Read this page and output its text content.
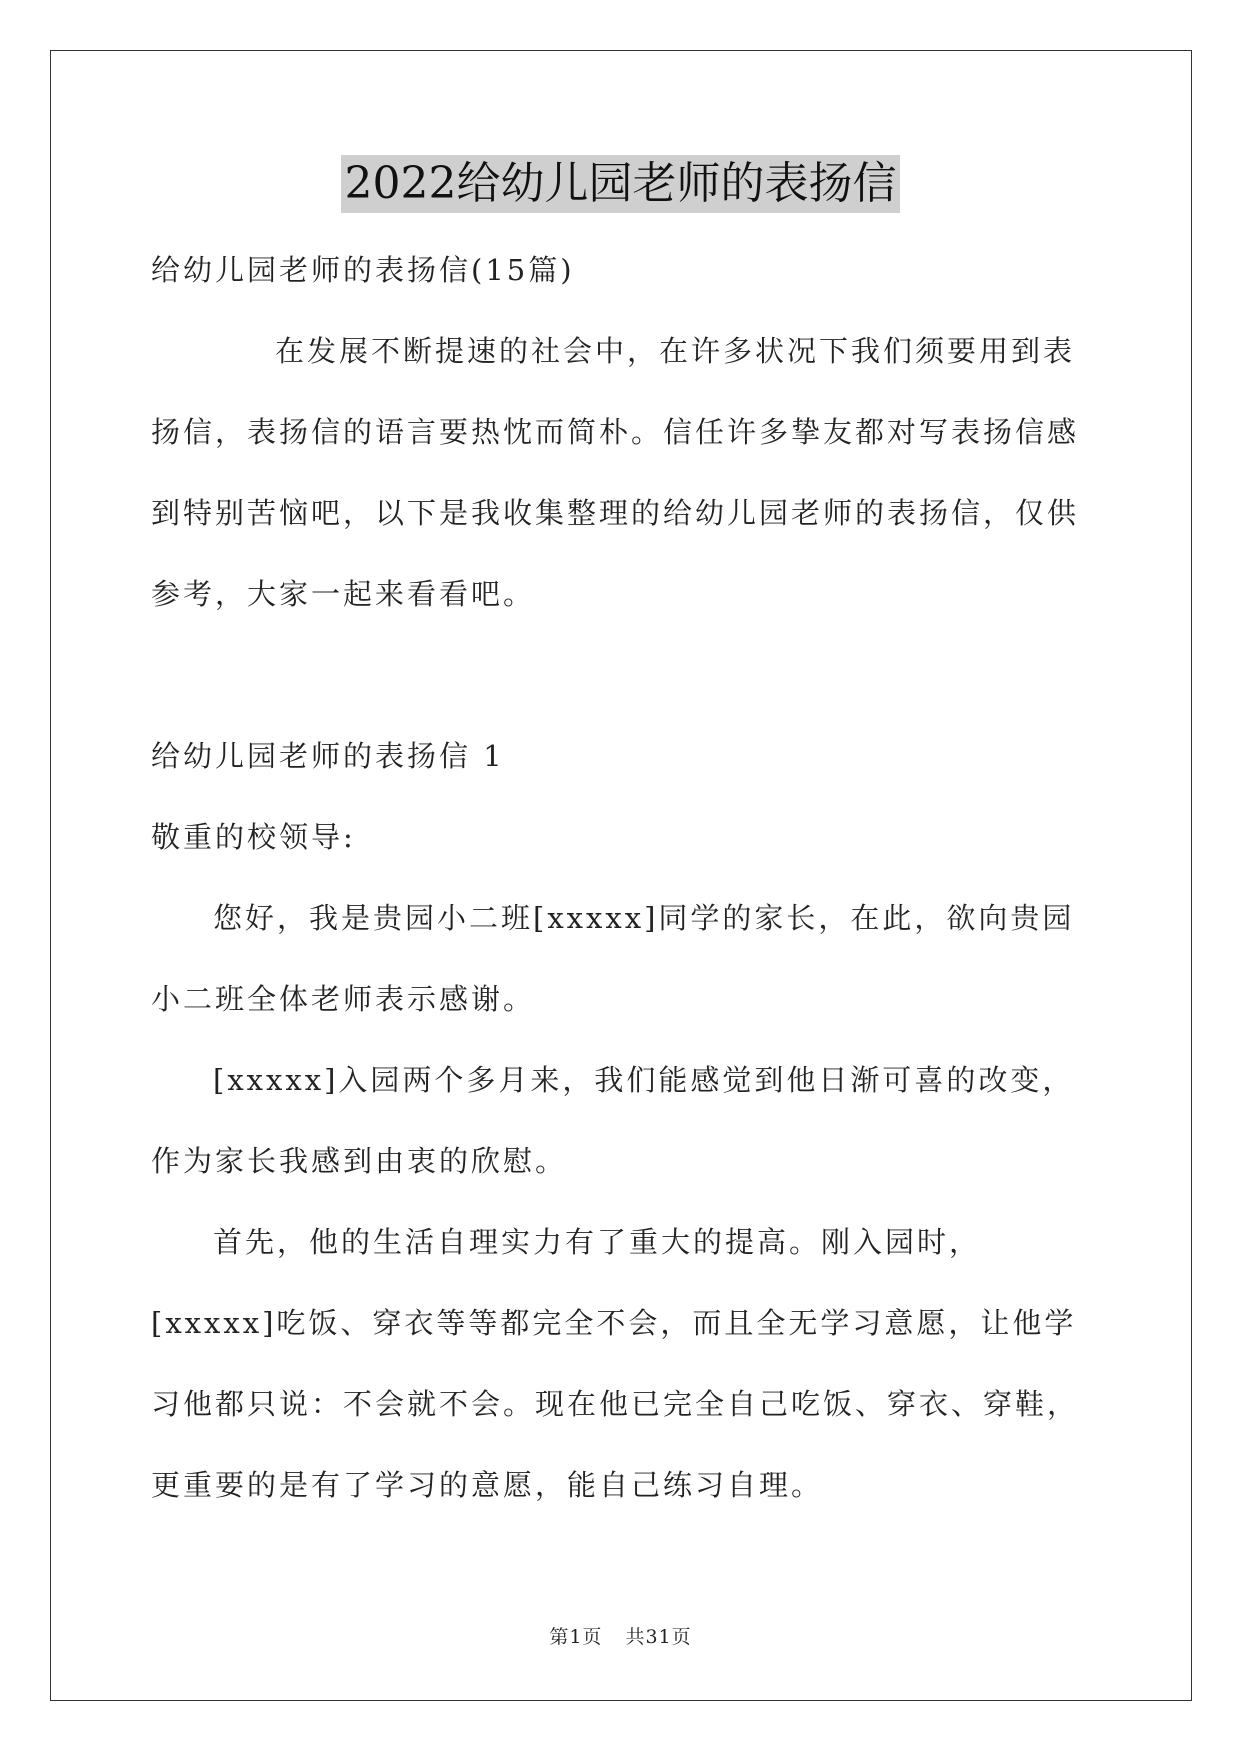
2022给幼儿园老师的表扬信

给幼儿园老师的表扬信(15篇)

在发展不断提速的社会中，在许多状况下我们须要用到表扬信，表扬信的语言要热忱而简朴。信任许多挚友都对写表扬信感到特别苦恼吧，以下是我收集整理的给幼儿园老师的表扬信，仅供参考，大家一起来看看吧。

给幼儿园老师的表扬信 1

敬重的校领导:

您好，我是贵园小二班[xxxxx]同学的家长，在此，欲向贵园小二班全体老师表示感谢。

[xxxxx]入园两个多月来，我们能感觉到他日渐可喜的改变，作为家长我感到由衷的欣慰。

首先，他的生活自理实力有了重大的提高。刚入园时，[xxxxx]吃饭、穿衣等等都完全不会，而且全无学习意愿，让他学习他都只说：不会就不会。现在他已完全自己吃饭、穿衣、穿鞋，更重要的是有了学习的意愿，能自己练习自理。

第1页 共31页
